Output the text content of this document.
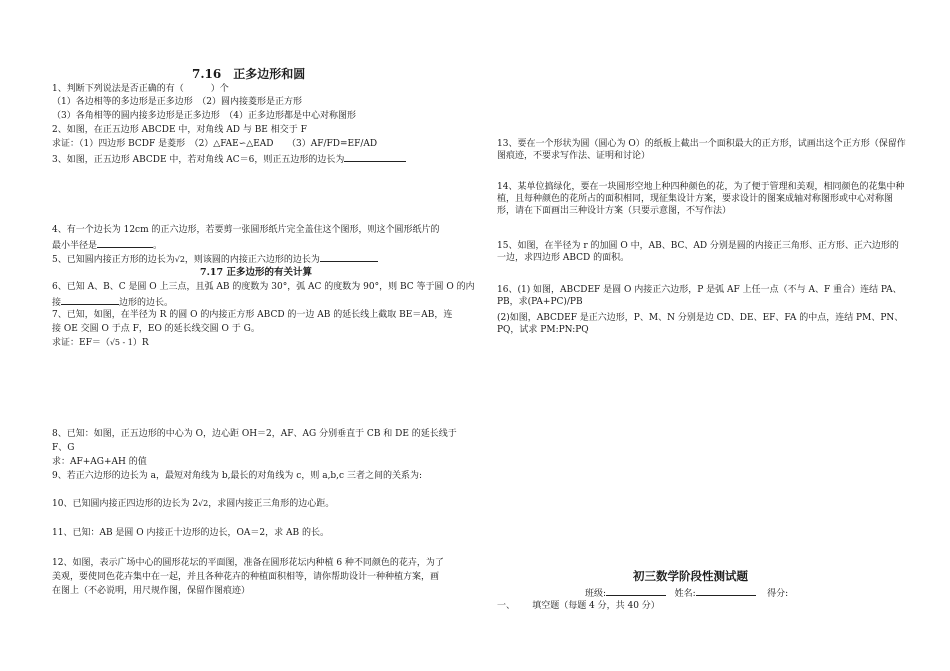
7.16　正多边形和圆
1、判断下列说法是否正确的有（　　　）个
（1）各边相等的多边形是正多边形　（2）圆内接菱形是正方形
（3）各角相等的圆内接多边形是正多边形　（4）正多边形都是中心对称图形
2、如图，在正五边形 ABCDE 中，对角线 AD 与 BE 相交于 F
求证：（1）四边形 BCDF 是菱形　（2）△FAE∽△EAD　　（3）AF/FD=EF/AD
3、如图，正五边形 ABCDE 中，若对角线 AC＝6，则正五边形的边长为
4、有一个边长为 12cm 的正六边形，若要剪一张圆形纸片完全盖住这个图形，则这个圆形纸片的
最小半径是	。
5、已知圆内接正方形的边长为√2，则该圆的内接正六边形的边长为
7.17 正多边形的有关计算
6、已知 A、B、C 是圆 O 上三点，且弧 AB 的度数为 30°，弧 AC 的度数为 90°，则 BC 等于圆 O 的内
接	边形的边长。
7、已知，如图，在半径为 R 的圆 O 的内接正方形 ABCD 的一边 AB 的延长线上截取 BE＝AB，连
接 OE 交圆 O 于点 F，EO 的延长线交圆 O 于 G。
求证：EF＝（√5 - 1）R
8、已知：如图，正五边形的中心为 O，边心距 OH＝2，AF、AG 分别垂直于 CB 和 DE 的延长线于
F、G
求：AF+AG+AH 的值
9、若正六边形的边长为 a，最短对角线为 b,最长的对角线为 c，则 a,b,c 三者之间的关系为:
10、已知圆内接正四边形的边长为 2√2，求圆内接正三角形的边心距。
11、已知：AB 是圆 O 内接正十边形的边长，OA＝2，求 AB 的长。
12、如图，表示广场中心的圆形花坛的平面图，准备在圆形花坛内种植 6 种不同颜色的花卉，为了
美观，要使同色花卉集中在一起，并且各种花卉的种植面积相等，请你帮助设计一种种植方案，画
在图上（不必说明，用尺规作图，保留作图痕迹）
13、要在一个形状为圆（圆心为 O）的纸板上截出一个面积最大的正方形，试画出这个正方形（保留作图痕迹，不要求写作法、证明和讨论）
14、某单位搞绿化，要在一块圆形空地上种四种颜色的花，为了便于管理和美观，相同颜色的花集中种植，且每种颜色的花所占的面积相同，现征集设计方案，要求设计的图案成轴对称图形或中心对称图形，请在下面画出三种设计方案（只要示意图，不写作法）
15、如图，在半径为 r 的加圆 O 中，AB、BC、AD 分别是圆的内接正三角形、正方形、正六边形的一边，求四边形 ABCD 的面积。
16、(1) 如图，ABCDEF 是圆 O 内接正六边形，P 是弧 AF 上任一点（不与 A、F 重合）连结 PA、PB，求(PA+PC)/PB
(2)如图，ABCDEF 是正六边形，P、M、N 分别是边 CD、DE、EF、FA 的中点，连结 PM、PN、PQ，试求 PM:PN:PQ
初三数学阶段性测试题
班级:	姓名:	得分:
一、 填空题（每题 4 分，共 40 分）
